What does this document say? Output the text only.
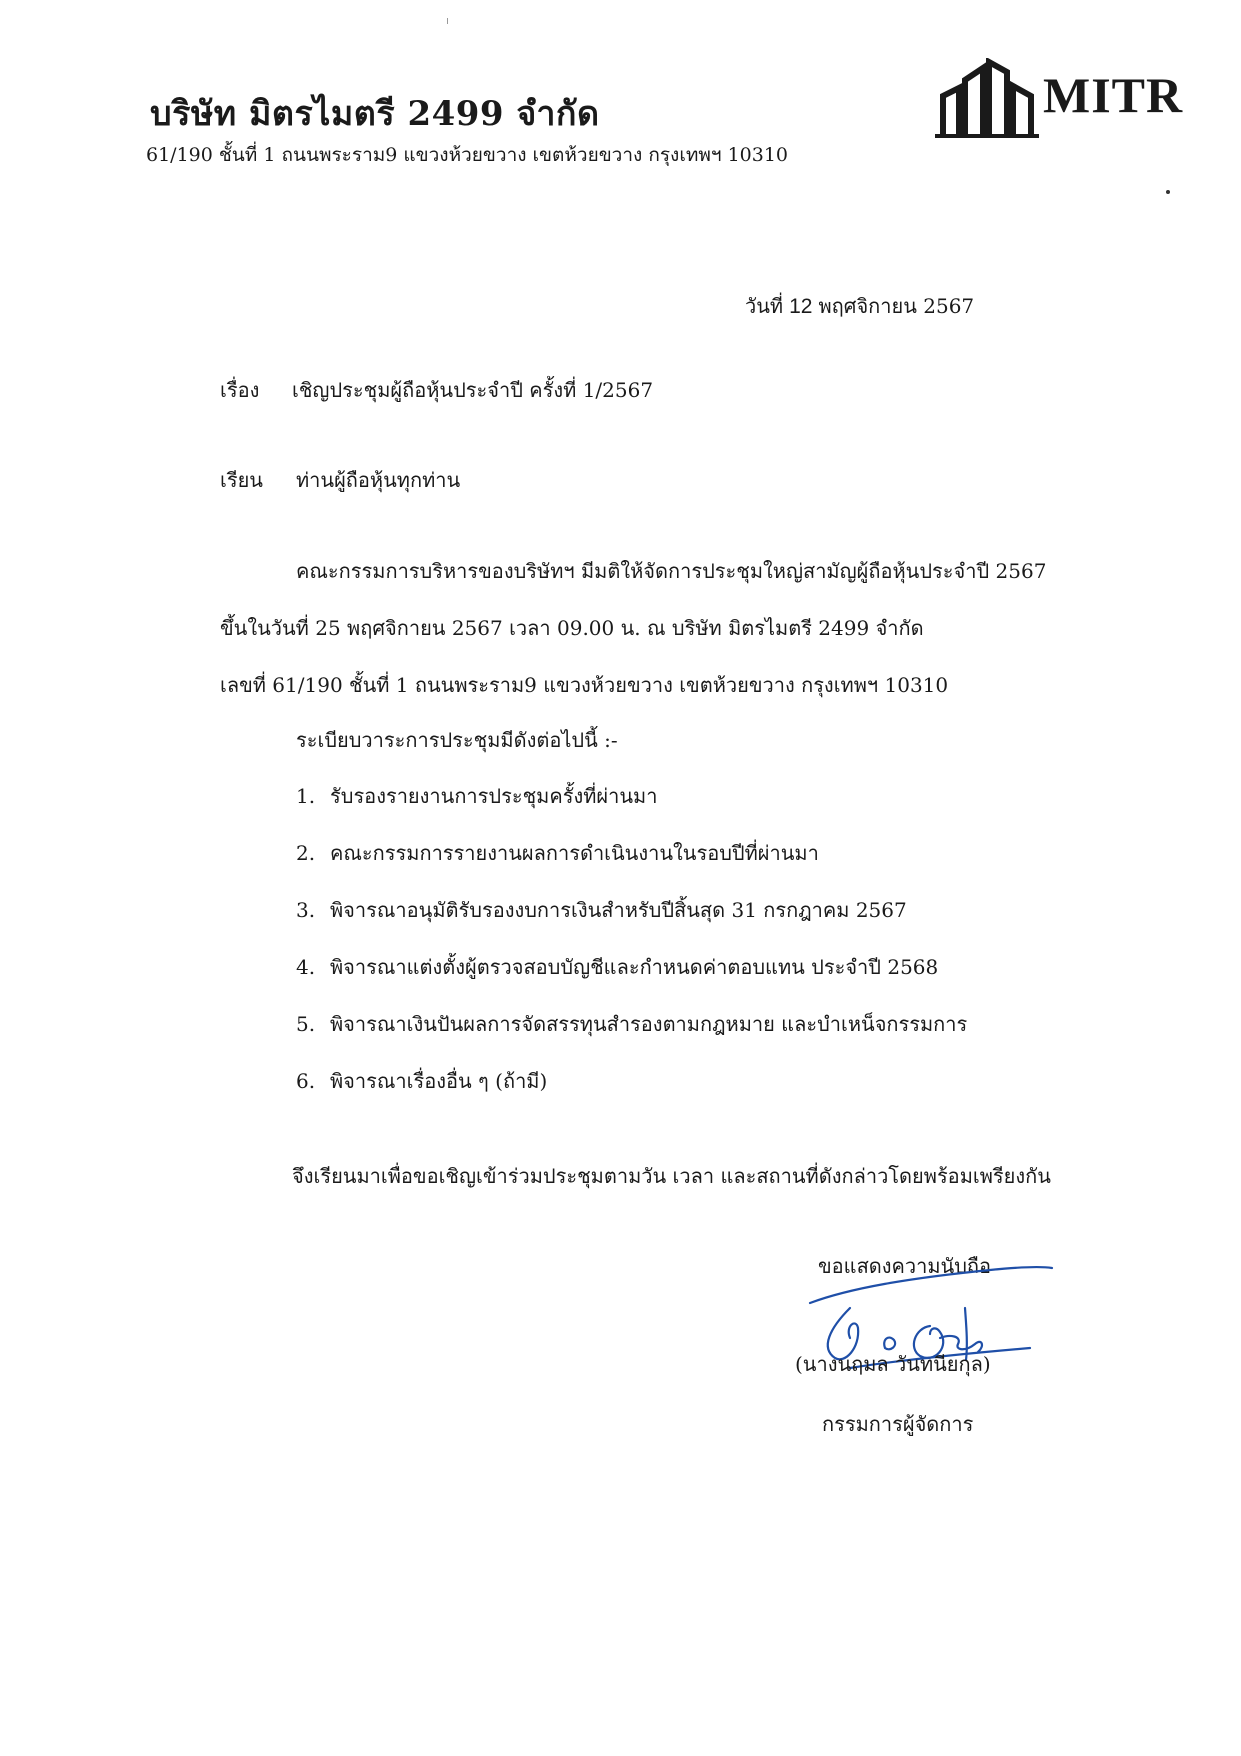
บริษัท มิตรไมตรี 2499 จำกัด
61/190 ชั้นที่ 1 ถนนพระราม9 แขวงห้วยขวาง เขตห้วยขวาง กรุงเทพฯ 10310
MITR
วันที่ 12 พฤศจิกายน 2567
เรื่อง เชิญประชุมผู้ถือหุ้นประจำปี ครั้งที่ 1/2567
เรียน ท่านผู้ถือหุ้นทุกท่าน
คณะกรรมการบริหารของบริษัทฯ มีมติให้จัดการประชุมใหญ่สามัญผู้ถือหุ้นประจำปี 2567
ขึ้นในวันที่ 25 พฤศจิกายน 2567 เวลา 09.00 น. ณ บริษัท มิตรไมตรี 2499 จำกัด
เลขที่ 61/190 ชั้นที่ 1 ถนนพระราม9 แขวงห้วยขวาง เขตห้วยขวาง กรุงเทพฯ 10310
ระเบียบวาระการประชุมมีดังต่อไปนี้ :-
1. รับรองรายงานการประชุมครั้งที่ผ่านมา
2. คณะกรรมการรายงานผลการดำเนินงานในรอบปีที่ผ่านมา
3. พิจารณาอนุมัติรับรองงบการเงินสำหรับปีสิ้นสุด 31 กรกฎาคม 2567
4. พิจารณาแต่งตั้งผู้ตรวจสอบบัญชีและกำหนดค่าตอบแทน ประจำปี 2568
5. พิจารณาเงินปันผลการจัดสรรทุนสำรองตามกฎหมาย และบำเหน็จกรรมการ
6. พิจารณาเรื่องอื่น ๆ (ถ้ามี)
จึงเรียนมาเพื่อขอเชิญเข้าร่วมประชุมตามวัน เวลา และสถานที่ดังกล่าวโดยพร้อมเพรียงกัน
ขอแสดงความนับถือ
(นางนฤมล วันทนียกุล)
กรรมการผู้จัดการ
